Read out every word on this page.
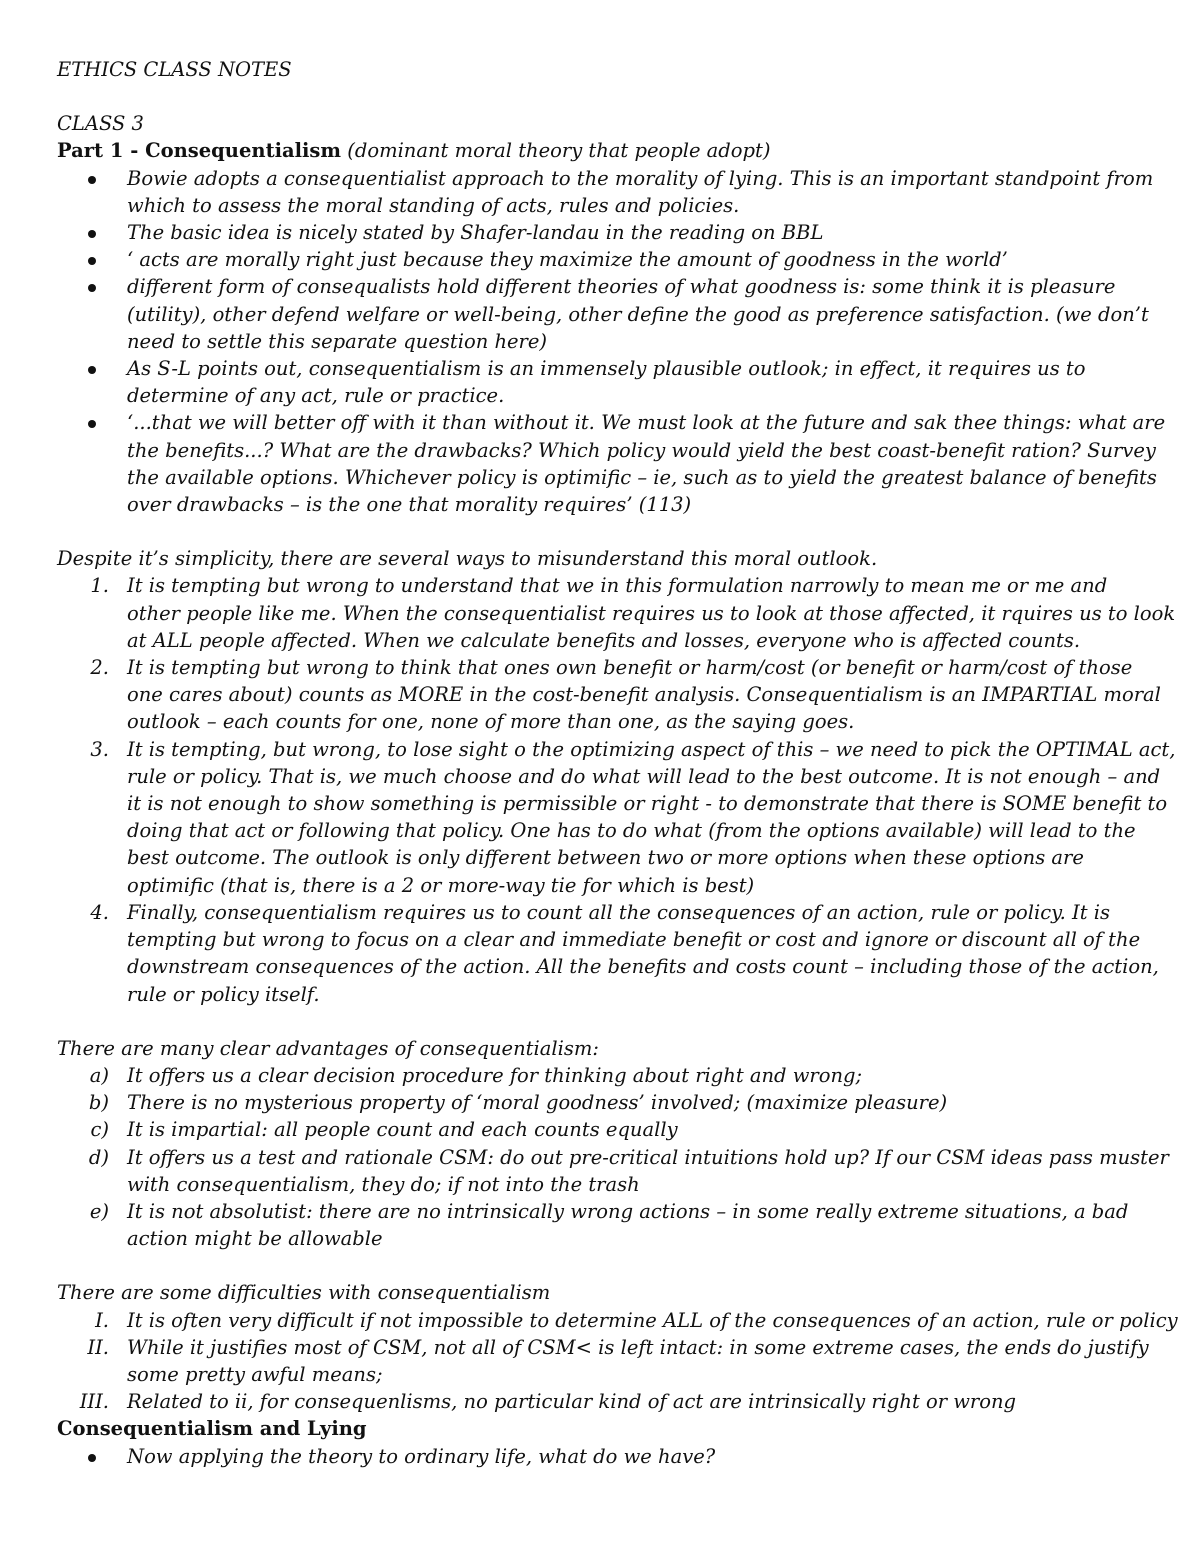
ETHICS CLASS NOTES
CLASS 3
Part 1 - Consequentialism (dominant moral theory that people adopt)
Bowie adopts a consequentialist approach to the morality of lying. This is an important standpoint from
which to assess the moral standing of acts, rules and policies.
The basic idea is nicely stated by Shafer-landau in the reading on BBL
‘ acts are morally right just because they maximize the amount of goodness in the world’
different form of consequalists hold different theories of what goodness is: some think it is pleasure
(utility), other defend welfare or well-being, other define the good as preference satisfaction. (we don’t
need to settle this separate question here)
As S-L points out, consequentialism is an immensely plausible outlook; in effect, it requires us to
determine of any act, rule or practice.
‘...that we will better off with it than without it. We must look at the future and sak thee things: what are
the benefits...? What are the drawbacks? Which policy would yield the best coast-benefit ration? Survey
the available options. Whichever policy is optimific – ie, such as to yield the greatest balance of benefits
over drawbacks – is the one that morality requires’ (113)
Despite it’s simplicity, there are several ways to misunderstand this moral outlook.
1. It is tempting but wrong to understand that we in this formulation narrowly to mean me or me and
other people like me. When the consequentialist requires us to look at those affected, it rquires us to look
at ALL people affected. When we calculate benefits and losses, everyone who is affected counts.
2. It is tempting but wrong to think that ones own benefit or harm/cost (or benefit or harm/cost of those
one cares about) counts as MORE in the cost-benefit analysis. Consequentialism is an IMPARTIAL moral
outlook – each counts for one, none of more than one, as the saying goes.
3. It is tempting, but wrong, to lose sight o the optimizing aspect of this – we need to pick the OPTIMAL act,
rule or policy. That is, we much choose and do what will lead to the best outcome. It is not enough – and
it is not enough to show something is permissible or right - to demonstrate that there is SOME benefit to
doing that act or following that policy. One has to do what (from the options available) will lead to the
best outcome. The outlook is only different between two or more options when these options are
optimific (that is, there is a 2 or more-way tie for which is best)
4. Finally, consequentialism requires us to count all the consequences of an action, rule or policy. It is
tempting but wrong to focus on a clear and immediate benefit or cost and ignore or discount all of the
downstream consequences of the action. All the benefits and costs count – including those of the action,
rule or policy itself.
There are many clear advantages of consequentialism:
a) It offers us a clear decision procedure for thinking about right and wrong;
b) There is no mysterious property of ‘moral goodness’ involved; (maximize pleasure)
c) It is impartial: all people count and each counts equally
d) It offers us a test and rationale CSM: do out pre-critical intuitions hold up? If our CSM ideas pass muster
with consequentialism, they do; if not into the trash
e) It is not absolutist: there are no intrinsically wrong actions – in some really extreme situations, a bad
action might be allowable
There are some difficulties with consequentialism
I. It is often very difficult if not impossible to determine ALL of the consequences of an action, rule or policy
II. While it justifies most of CSM, not all of CSM< is left intact: in some extreme cases, the ends do justify
some pretty awful means;
III. Related to ii, for consequenlisms, no particular kind of act are intrinsically right or wrong
Consequentialism and Lying
Now applying the theory to ordinary life, what do we have?
